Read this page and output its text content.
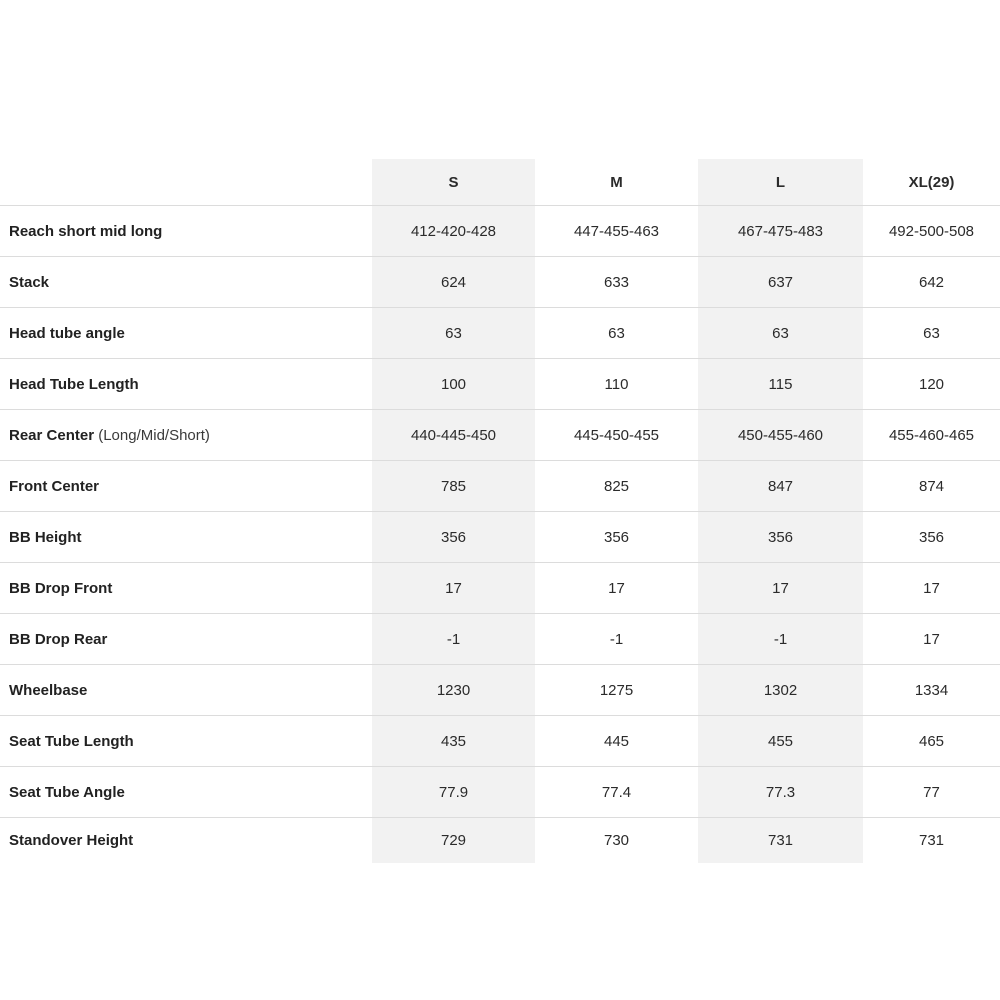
	S	M	L	XL(29)
Reach short mid long	412-420-428	447-455-463	467-475-483	492-500-508
Stack	624	633	637	642
Head tube angle	63	63	63	63
Head Tube Length	100	110	115	120
Rear Center (Long/Mid/Short)	440-445-450	445-450-455	450-455-460	455-460-465
Front Center	785	825	847	874
BB Height	356	356	356	356
BB Drop Front	17	17	17	17
BB Drop Rear	-1	-1	-1	17
Wheelbase	1230	1275	1302	1334
Seat Tube Length	435	445	455	465
Seat Tube Angle	77.9	77.4	77.3	77
Standover Height	729	730	731	731
